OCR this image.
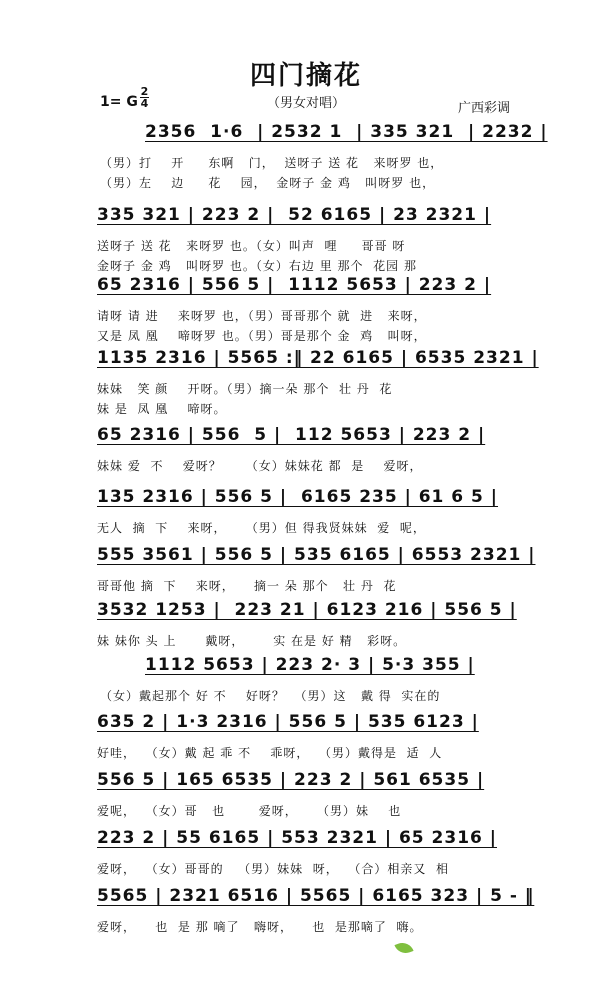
四门摘花
（男女对唱）
1= G
2
4	广西彩调
2356  1·6  | 2532 1  | 335 321  | 2232 |
（男）打    开     东啊   门，  送呀子 送 花   来呀罗 也，
（男）左    边     花    园，  金呀子 金 鸡   叫呀罗 也，
335 321 | 223 2 |  52 6165 | 23 2321 |
送呀子 送 花   来呀罗 也。（女）叫声  哩     哥哥 呀
金呀子 金 鸡   叫呀罗 也。（女）右边 里 那个  花园 那
65 2316 | 556 5 |  1112 5653 | 223 2 |
请呀 请 进    来呀罗 也，（男）哥哥那个 就  进   来呀，
又是 凤 凰    啼呀罗 也。（男）哥是那个 金  鸡   叫呀，
1135 2316 | 5565 :‖ 22 6165 | 6535 2321 |
妹妹   笑 颜    开呀。（男）摘一朵 那个  壮 丹  花
妹 是  凤 凰    啼呀。
65 2316 | 556  5 |  112 5653 | 223 2 |
妹妹 爱  不    爱呀？     （女）妹妹花 都  是    爱呀，
135 2316 | 556 5 |  6165 235 | 61 6 5 |
无人  摘  下    来呀，    （男）但 得我贤妹妹  爱  呢，
555 3561 | 556 5 | 535 6165 | 6553 2321 |
哥哥他 摘  下    来呀，    摘一 朵 那个   壮 丹  花
3532 1253 |  223 21 | 6123 216 | 556 5 |
妹 妹你 头 上      戴呀，      实 在是 好 精   彩呀。
1112 5653 | 223 2· 3 | 5·3 355 |
（女）戴起那个 好 不    好呀？  （男）这   戴 得  实在的
635 2 | 1·3 2316 | 556 5 | 535 6123 |
好哇，  （女）戴 起 乖 不    乖呀，  （男）戴得是  适  人
556 5 | 165 6535 | 223 2 | 561 6535 |
爱呢，  （女）哥   也       爱呀，    （男）妹    也
223 2 | 55 6165 | 553 2321 | 65 2316 |
爱呀，  （女）哥哥的   （男）妹妹  呀，  （合）相亲又  相
5565 | 2321 6516 | 5565 | 6165 323 | 5 - ‖
爱呀，    也  是 那 嘀了   嗨呀，    也  是那嘀了  嗨。
